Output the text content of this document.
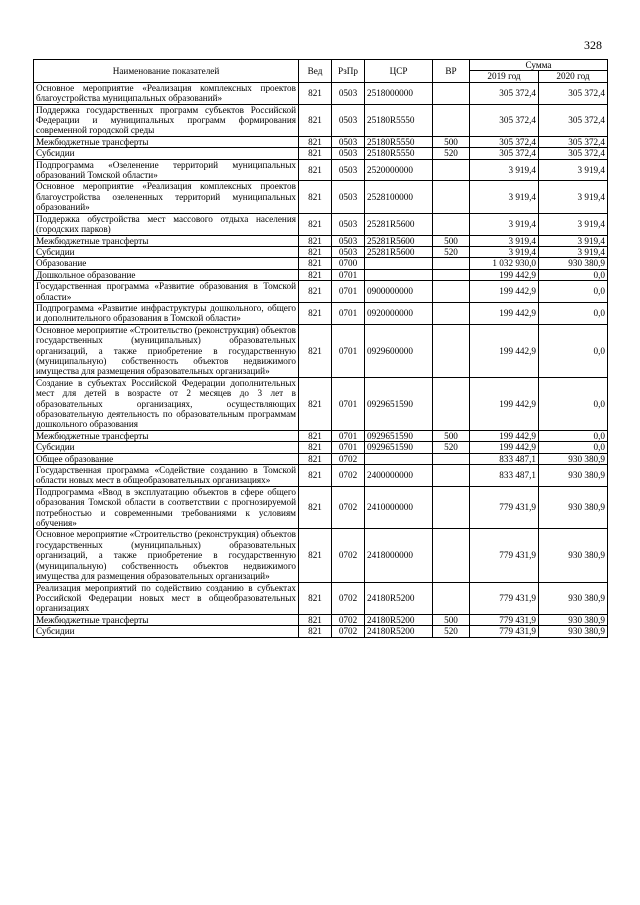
328
Наименование показателей	Вед	РзПр	ЦСР	ВР	Сумма	
					2019 год	2020 год
Основное мероприятие «Реализация комплексных проектов благоустройства муниципальных образований»	821	0503	2518000000		305 372,4	305 372,4
Поддержка государственных программ субъектов Российской Федерации и муниципальных программ формирования современной городской среды	821	0503	25180R5550		305 372,4	305 372,4
Межбюджетные трансферты	821	0503	25180R5550	500	305 372,4	305 372,4
Субсидии	821	0503	25180R5550	520	305 372,4	305 372,4
Подпрограмма «Озеленение территорий муниципальных образований Томской области»	821	0503	2520000000		3 919,4	3 919,4
Основное мероприятие «Реализация комплексных проектов благоустройства озелененных территорий муниципальных образований»	821	0503	2528100000		3 919,4	3 919,4
Поддержка обустройства мест массового отдыха населения (городских парков)	821	0503	25281R5600		3 919,4	3 919,4
Межбюджетные трансферты	821	0503	25281R5600	500	3 919,4	3 919,4
Субсидии	821	0503	25281R5600	520	3 919,4	3 919,4
Образование	821	0700			1 032 930,0	930 380,9
Дошкольное образование	821	0701			199 442,9	0,0
Государственная программа «Развитие образования в Томской области»	821	0701	0900000000		199 442,9	0,0
Подпрограмма «Развитие инфраструктуры дошкольного, общего и дополнительного образования в Томской области»	821	0701	0920000000		199 442,9	0,0
Основное мероприятие «Строительство (реконструкция) объектов государственных (муниципальных) образовательных организаций, а также приобретение в государственную (муниципальную) собственность объектов недвижимого имущества для размещения образовательных организаций»	821	0701	0929600000		199 442,9	0,0
Создание в субъектах Российской Федерации дополнительных мест для детей в возрасте от 2 месяцев до 3 лет в образовательных организациях, осуществляющих образовательную деятельность по образовательным программам дошкольного образования	821	0701	0929651590		199 442,9	0,0
Межбюджетные трансферты	821	0701	0929651590	500	199 442,9	0,0
Субсидии	821	0701	0929651590	520	199 442,9	0,0
Общее образование	821	0702			833 487,1	930 380,9
Государственная программа «Содействие созданию в Томской области новых мест в общеобразовательных организациях»	821	0702	2400000000		833 487,1	930 380,9
Подпрограмма «Ввод в эксплуатацию объектов в сфере общего образования Томской области в соответствии с прогнозируемой потребностью и современными требованиями к условиям обучения»	821	0702	2410000000		779 431,9	930 380,9
Основное мероприятие «Строительство (реконструкция) объектов государственных (муниципальных) образовательных организаций, а также приобретение в государственную (муниципальную) собственность объектов недвижимого имущества для размещения образовательных организаций»	821	0702	2418000000		779 431,9	930 380,9
Реализация мероприятий по содействию созданию в субъектах Российской Федерации новых мест в общеобразовательных организациях	821	0702	24180R5200		779 431,9	930 380,9
Межбюджетные трансферты	821	0702	24180R5200	500	779 431,9	930 380,9
Субсидии	821	0702	24180R5200	520	779 431,9	930 380,9
